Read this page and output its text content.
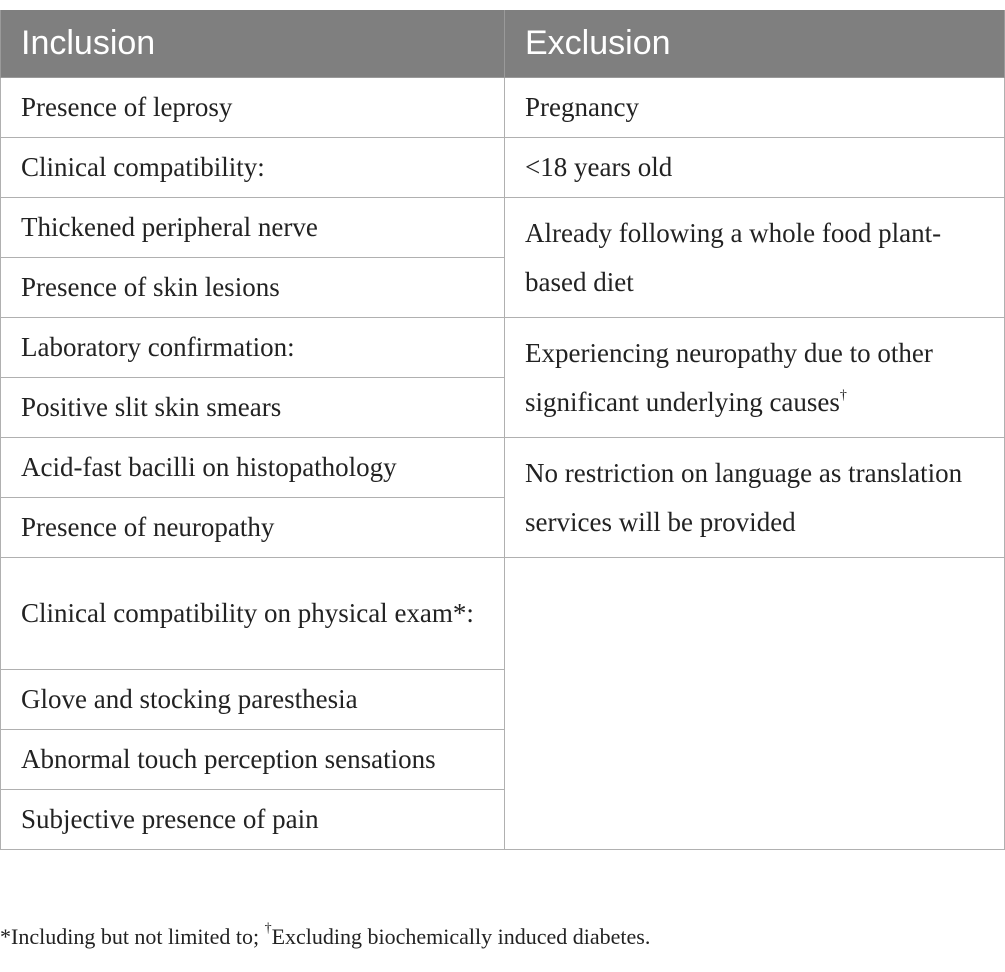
Inclusion	Exclusion
Presence of leprosy	Pregnancy
Clinical compatibility:	<18 years old
Thickened peripheral nerve	Already following a whole food plant-based diet
Presence of skin lesions	
Laboratory confirmation:	Experiencing neuropathy due to other significant underlying causes†
Positive slit skin smears	
Acid-fast bacilli on histopathology	No restriction on language as translation services will be provided
Presence of neuropathy	
Clinical compatibility on physical exam*:	
Glove and stocking paresthesia	
Abnormal touch perception sensations	
Subjective presence of pain	
*Including but not limited to; †Excluding biochemically induced diabetes.
